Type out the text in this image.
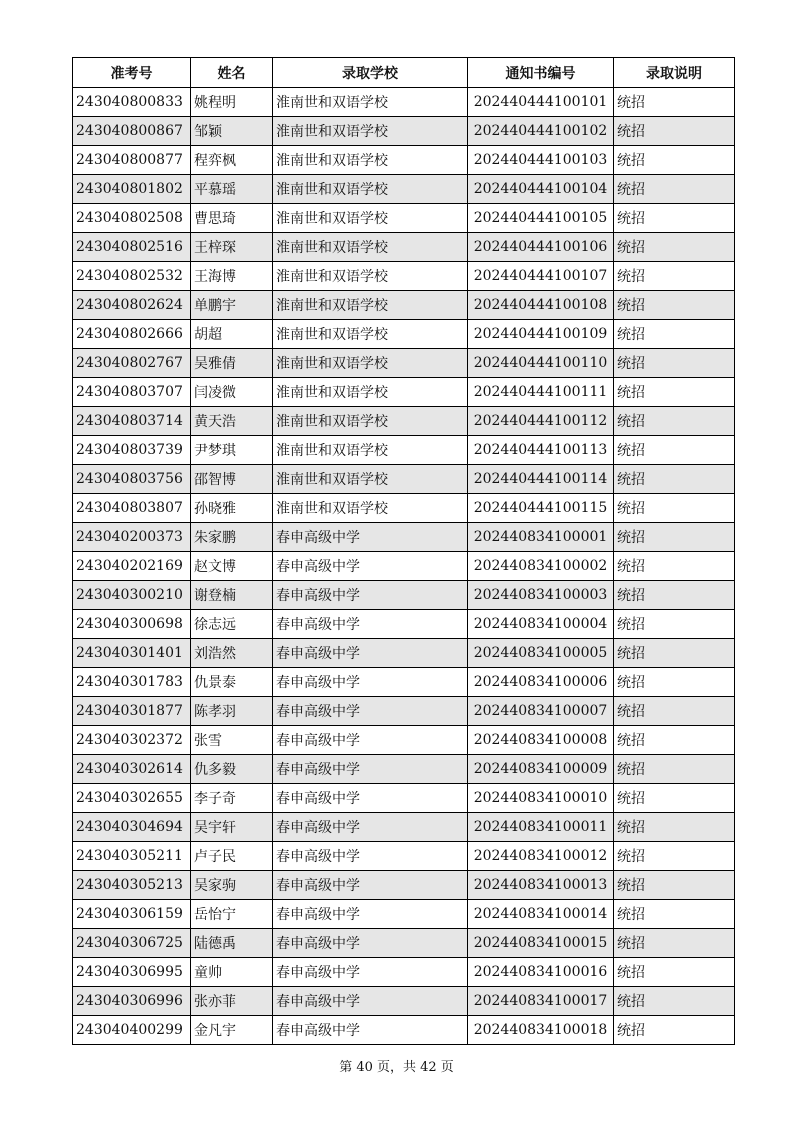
准考号	姓名	录取学校	通知书编号	录取说明
243040800833	姚程明	淮南世和双语学校	202440444100101	统招
243040800867	邹颖	淮南世和双语学校	202440444100102	统招
243040800877	程弈枫	淮南世和双语学校	202440444100103	统招
243040801802	平慕瑶	淮南世和双语学校	202440444100104	统招
243040802508	曹思琦	淮南世和双语学校	202440444100105	统招
243040802516	王梓琛	淮南世和双语学校	202440444100106	统招
243040802532	王海博	淮南世和双语学校	202440444100107	统招
243040802624	单鹏宇	淮南世和双语学校	202440444100108	统招
243040802666	胡超	淮南世和双语学校	202440444100109	统招
243040802767	吴雅倩	淮南世和双语学校	202440444100110	统招
243040803707	闫凌微	淮南世和双语学校	202440444100111	统招
243040803714	黄天浩	淮南世和双语学校	202440444100112	统招
243040803739	尹梦琪	淮南世和双语学校	202440444100113	统招
243040803756	邵智博	淮南世和双语学校	202440444100114	统招
243040803807	孙晓雅	淮南世和双语学校	202440444100115	统招
243040200373	朱家鹏	春申高级中学	202440834100001	统招
243040202169	赵文博	春申高级中学	202440834100002	统招
243040300210	谢登楠	春申高级中学	202440834100003	统招
243040300698	徐志远	春申高级中学	202440834100004	统招
243040301401	刘浩然	春申高级中学	202440834100005	统招
243040301783	仇景泰	春申高级中学	202440834100006	统招
243040301877	陈孝羽	春申高级中学	202440834100007	统招
243040302372	张雪	春申高级中学	202440834100008	统招
243040302614	仇多毅	春申高级中学	202440834100009	统招
243040302655	李子奇	春申高级中学	202440834100010	统招
243040304694	吴宇轩	春申高级中学	202440834100011	统招
243040305211	卢子民	春申高级中学	202440834100012	统招
243040305213	吴家驹	春申高级中学	202440834100013	统招
243040306159	岳怡宁	春申高级中学	202440834100014	统招
243040306725	陆德禹	春申高级中学	202440834100015	统招
243040306995	童帅	春申高级中学	202440834100016	统招
243040306996	张亦菲	春申高级中学	202440834100017	统招
243040400299	金凡宇	春申高级中学	202440834100018	统招
第 40 页，共 42 页
